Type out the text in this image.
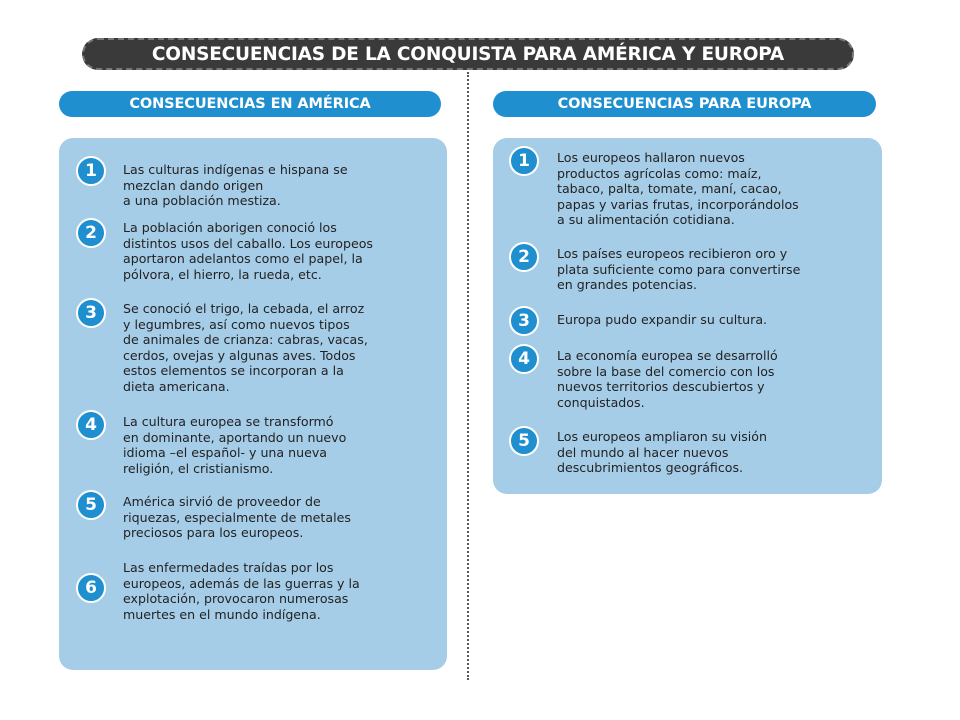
CONSECUENCIAS DE LA CONQUISTA PARA AMÉRICA Y EUROPA
CONSECUENCIAS EN AMÉRICA	CONSECUENCIAS PARA EUROPA
1	Las culturas indígenas e hispana se
mezclan dando origen
a una población mestiza.
2	La población aborigen conoció los
distintos usos del caballo. Los europeos
aportaron adelantos como el papel, la
pólvora, el hierro, la rueda, etc.
3	Se conoció el trigo, la cebada, el arroz
y legumbres, así como nuevos tipos
de animales de crianza: cabras, vacas,
cerdos, ovejas y algunas aves. Todos
estos elementos se incorporan a la
dieta americana.
4	La cultura europea se transformó
en dominante, aportando un nuevo
idioma –el español- y una nueva
religión, el cristianismo.
5	América sirvió de proveedor de
riquezas, especialmente de metales
preciosos para los europeos.
6
Las enfermedades traídas por los
europeos, además de las guerras y la
explotación, provocaron numerosas
muertes en el mundo indígena.
1	Los europeos hallaron nuevos
productos agrícolas como: maíz,
tabaco, palta, tomate, maní, cacao,
papas y varias frutas, incorporándolos
a su alimentación cotidiana.
2	Los países europeos recibieron oro y
plata suficiente como para convertirse
en grandes potencias.
3	Europa pudo expandir su cultura.
4	La economía europea se desarrolló
sobre la base del comercio con los
nuevos territorios descubiertos y
conquistados.
5	Los europeos ampliaron su visión
del mundo al hacer nuevos
descubrimientos geográficos.
